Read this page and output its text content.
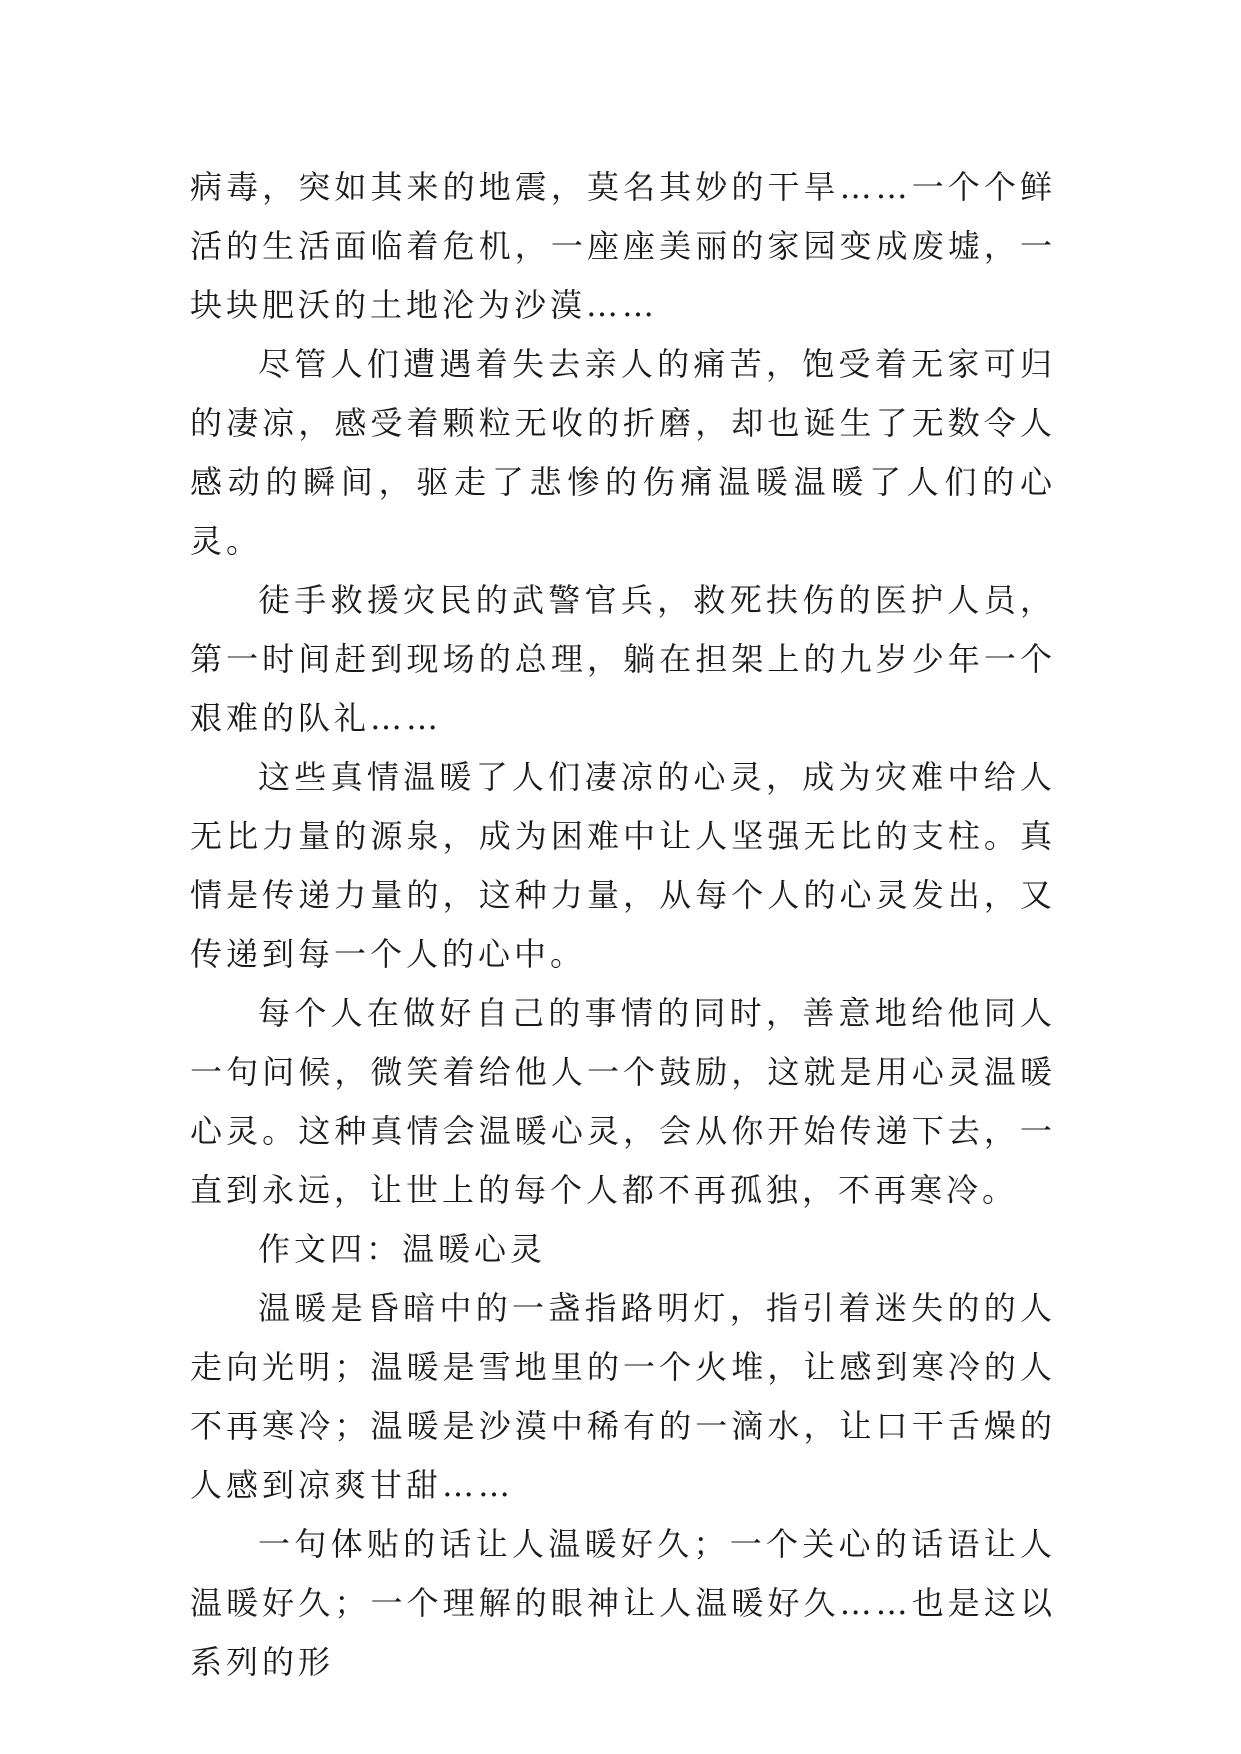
病毒，突如其来的地震，莫名其妙的干旱……一个个鲜活的生活面临着危机，一座座美丽的家园变成废墟，一块块肥沃的土地沦为沙漠……

尽管人们遭遇着失去亲人的痛苦，饱受着无家可归的凄凉，感受着颗粒无收的折磨，却也诞生了无数令人感动的瞬间，驱走了悲惨的伤痛温暖温暖了人们的心灵。

徒手救援灾民的武警官兵，救死扶伤的医护人员，第一时间赶到现场的总理，躺在担架上的九岁少年一个艰难的队礼……

这些真情温暖了人们凄凉的心灵，成为灾难中给人无比力量的源泉，成为困难中让人坚强无比的支柱。真情是传递力量的，这种力量，从每个人的心灵发出，又传递到每一个人的心中。

每个人在做好自己的事情的同时，善意地给他同人一句问候，微笑着给他人一个鼓励，这就是用心灵温暖心灵。这种真情会温暖心灵，会从你开始传递下去，一直到永远，让世上的每个人都不再孤独，不再寒冷。

作文四：温暖心灵

温暖是昏暗中的一盏指路明灯，指引着迷失的的人走向光明；温暖是雪地里的一个火堆，让感到寒冷的人不再寒冷；温暖是沙漠中稀有的一滴水，让口干舌燥的人感到凉爽甘甜……

一句体贴的话让人温暖好久；一个关心的话语让人温暖好久；一个理解的眼神让人温暖好久……也是这以系列的形
